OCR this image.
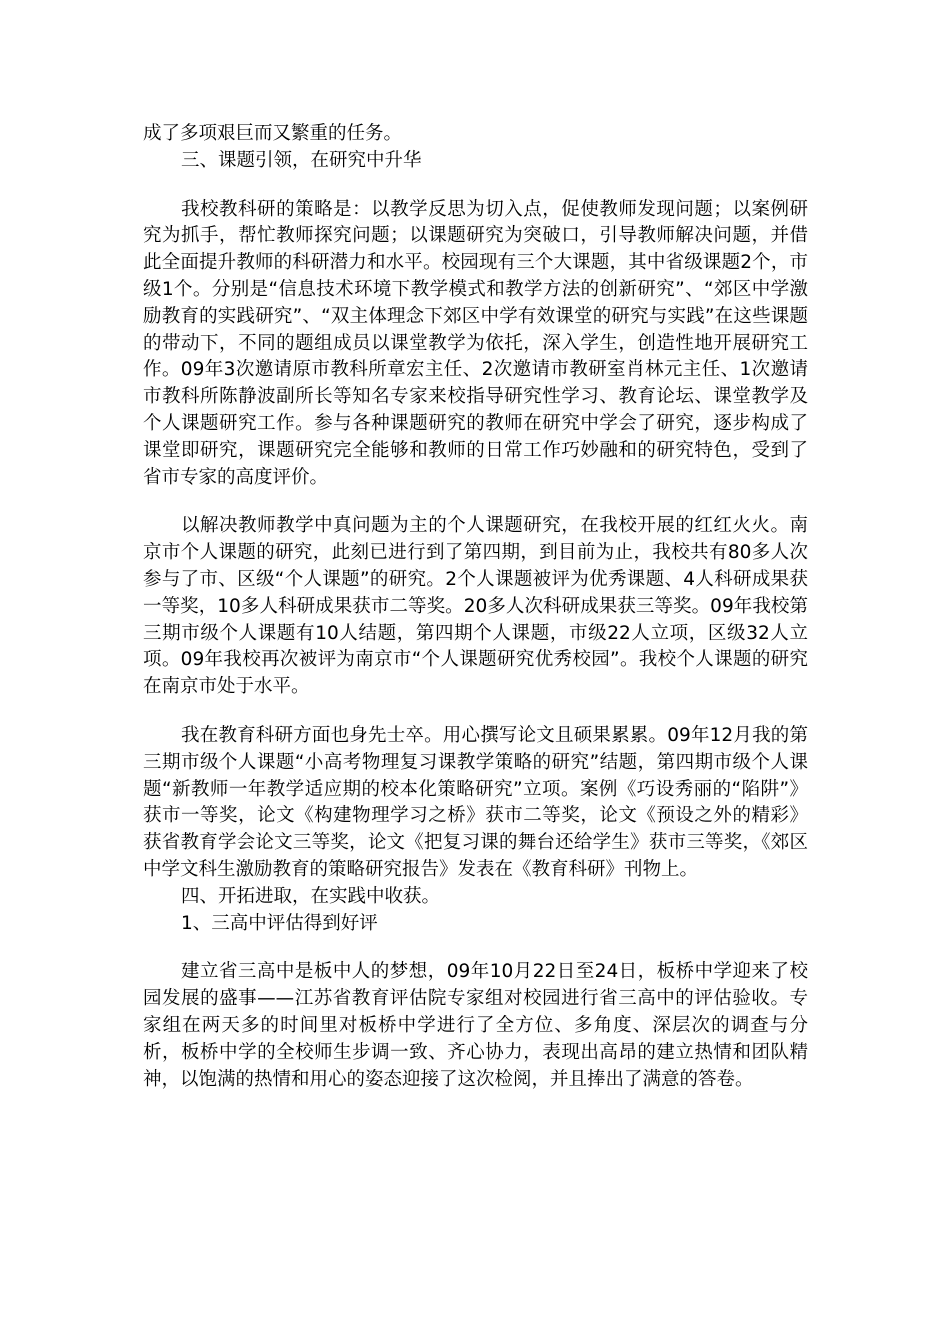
成了多项艰巨而又繁重的任务。

三、课题引领，在研究中升华

我校教科研的策略是：以教学反思为切入点，促使教师发现问题；以案例研究为抓手，帮忙教师探究问题；以课题研究为突破口，引导教师解决问题，并借此全面提升教师的科研潜力和水平。校园现有三个大课题，其中省级课题2个，市级1个。分别是“信息技术环境下教学模式和教学方法的创新研究”、“郊区中学激励教育的实践研究”、“双主体理念下郊区中学有效课堂的研究与实践”在这些课题的带动下，不同的题组成员以课堂教学为依托，深入学生，创造性地开展研究工作。09年3次邀请原市教科所章宏主任、2次邀请市教研室肖林元主任、1次邀请市教科所陈静波副所长等知名专家来校指导研究性学习、教育论坛、课堂教学及个人课题研究工作。参与各种课题研究的教师在研究中学会了研究，逐步构成了课堂即研究，课题研究完全能够和教师的日常工作巧妙融和的研究特色，受到了省市专家的高度评价。

以解决教师教学中真问题为主的个人课题研究，在我校开展的红红火火。南京市个人课题的研究，此刻已进行到了第四期，到目前为止，我校共有80多人次参与了市、区级“个人课题”的研究。2个人课题被评为优秀课题、4人科研成果获一等奖，10多人科研成果获市二等奖。20多人次科研成果获三等奖。09年我校第三期市级个人课题有10人结题，第四期个人课题，市级22人立项，区级32人立项。09年我校再次被评为南京市“个人课题研究优秀校园”。我校个人课题的研究在南京市处于水平。

我在教育科研方面也身先士卒。用心撰写论文且硕果累累。09年12月我的第三期市级个人课题“小高考物理复习课教学策略的研究”结题，第四期市级个人课题“新教师一年教学适应期的校本化策略研究”立项。案例《巧设秀丽的“陷阱”》获市一等奖，论文《构建物理学习之桥》获市二等奖，论文《预设之外的精彩》获省教育学会论文三等奖，论文《把复习课的舞台还给学生》获市三等奖，《郊区中学文科生激励教育的策略研究报告》发表在《教育科研》刊物上。

四、开拓进取，在实践中收获。

1、三高中评估得到好评

建立省三高中是板中人的梦想，09年10月22日至24日，板桥中学迎来了校园发展的盛事——江苏省教育评估院专家组对校园进行省三高中的评估验收。专家组在两天多的时间里对板桥中学进行了全方位、多角度、深层次的调查与分析，板桥中学的全校师生步调一致、齐心协力，表现出高昂的建立热情和团队精神，以饱满的热情和用心的姿态迎接了这次检阅，并且捧出了满意的答卷。
